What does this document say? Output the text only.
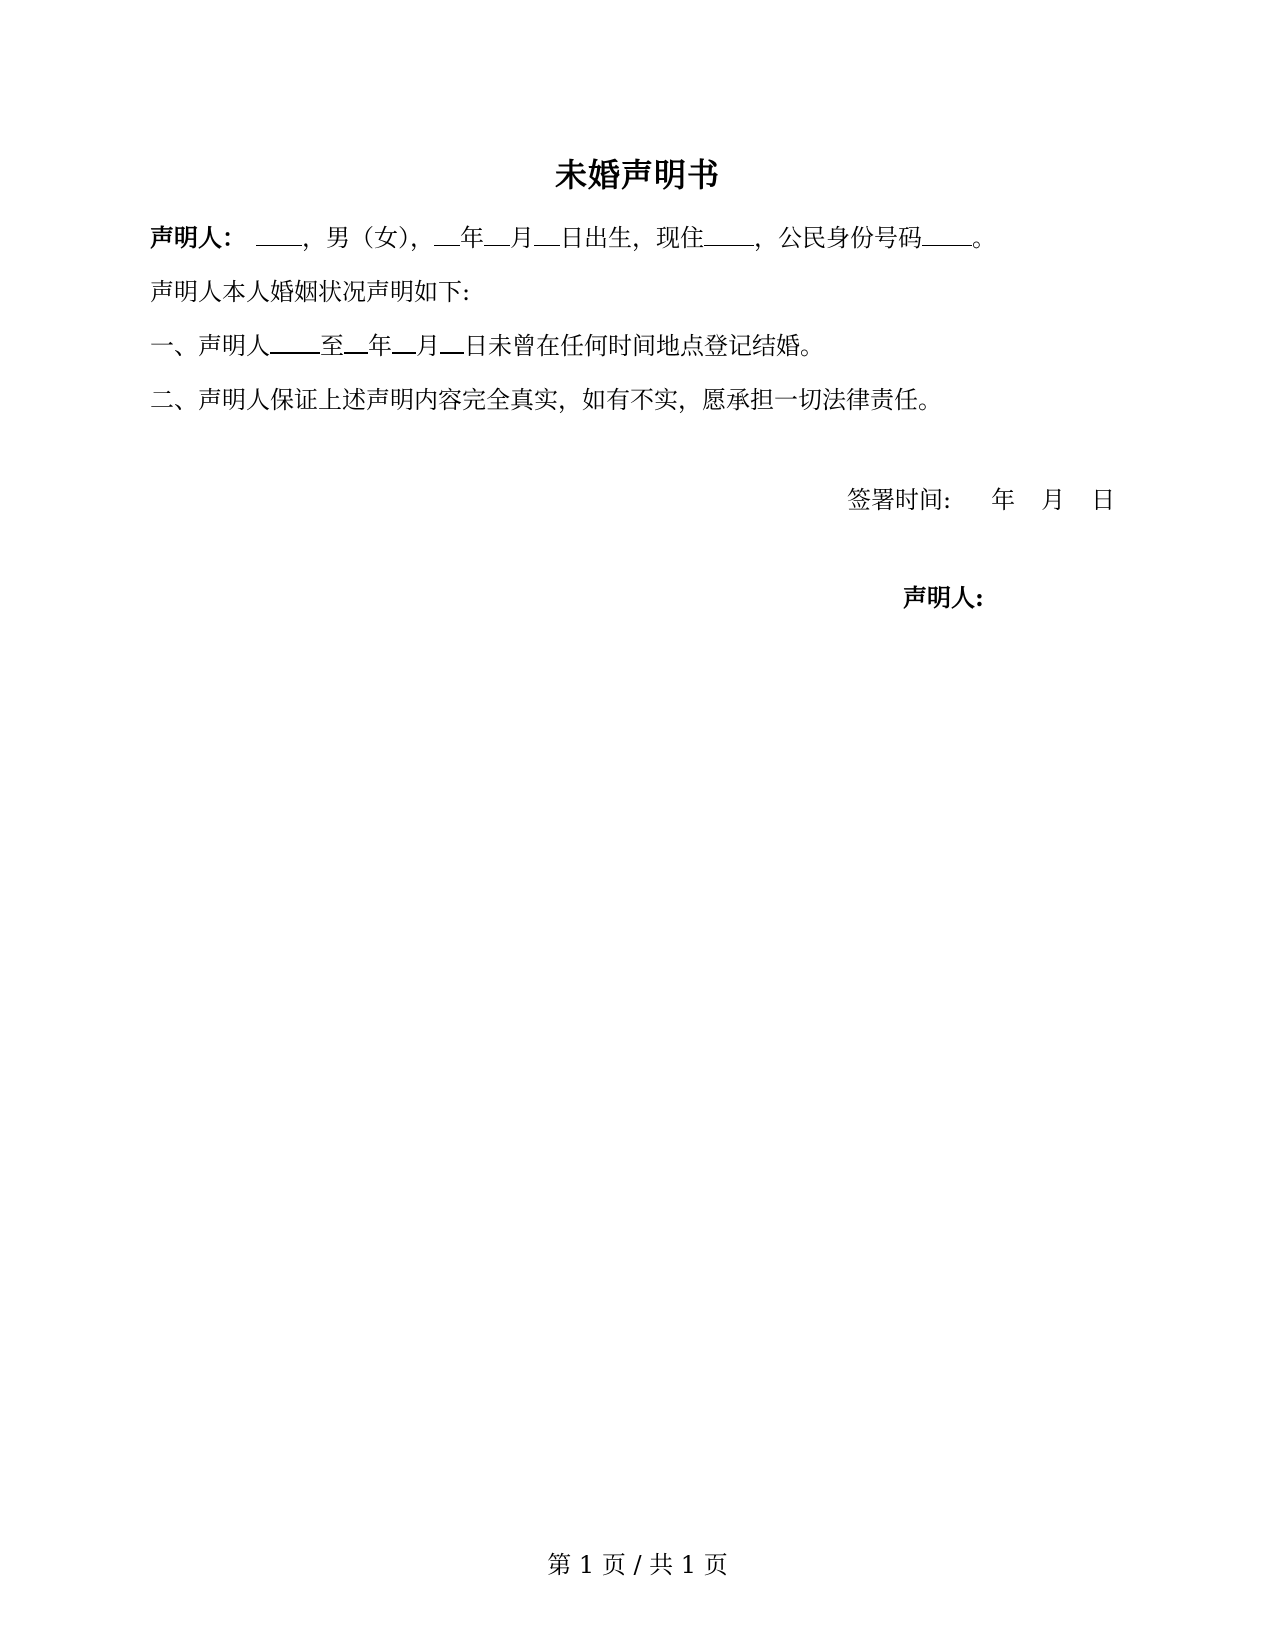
未婚声明书
声明人： ，男（女）， 年 月 日出生，现住 ，公民身份号码 。
声明人本人婚姻状况声明如下:
一、声明人 至 年 月 日未曾在任何时间地点登记结婚。
二、声明人保证上述声明内容完全真实，如有不实，愿承担一切法律责任。
签署时间: 年 月 日
声明人:
第 1 页 / 共 1 页
